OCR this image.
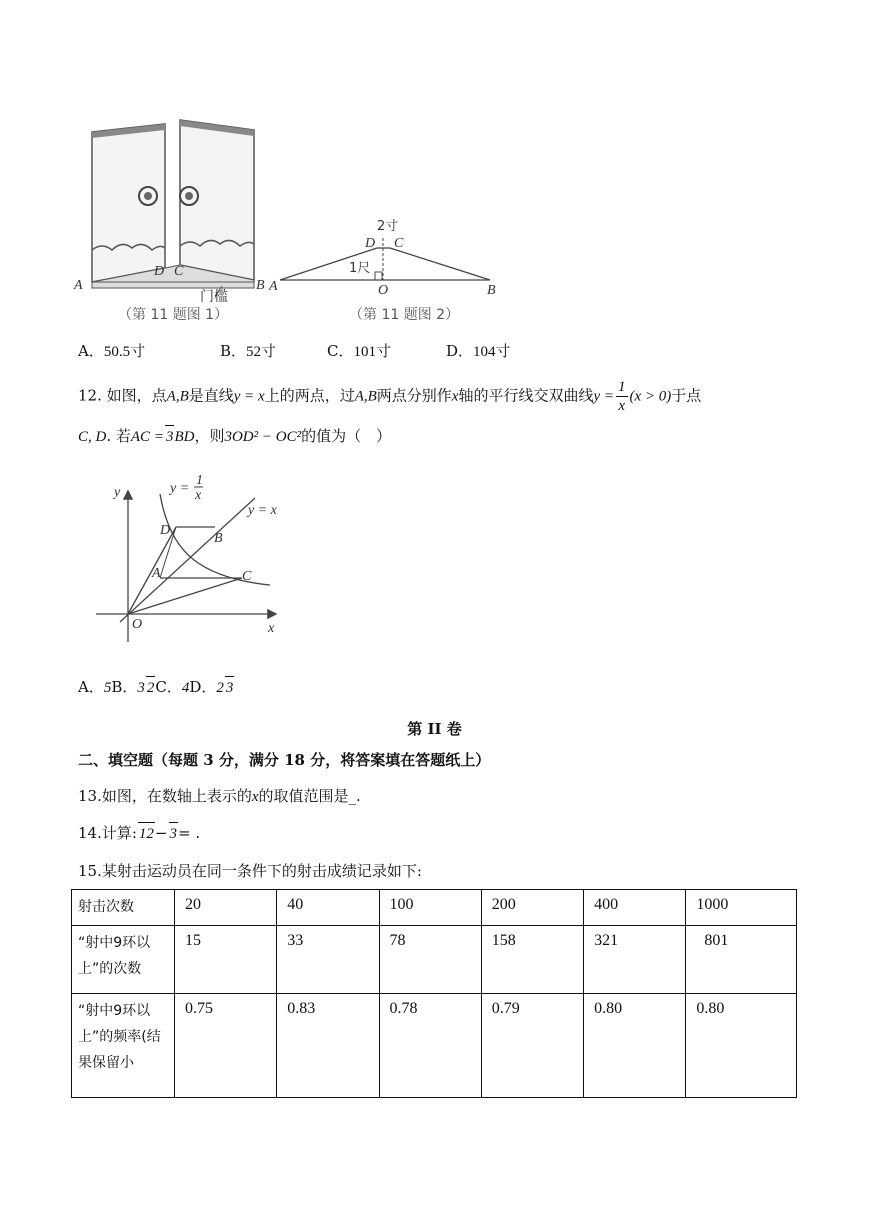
A
D C
B
门槛
（第 11 题图 1）
2寸
D C
1尺
A	O	B
（第 11 题图 2）
A．50.5寸	B．52寸	C．101寸	D．104寸
12. 如图，点A,B是直线y = x上的两点，过A,B两点分别作x轴的平行线交双曲线$y = \frac{1}{x} (x > 0)$于点
C, D. 若AC = 3BD，则3OD² − OC²的值为（　）
y	y =
1
x
y = x
D
B
A	C
O	x
A．5B．3 2C．4D．2 3
第 II 卷
二、填空题（每题 3 分，满分 18 分，将答案填在答题纸上）
13.如图，在数轴上表示的x的取值范围是_.
14.计算: 12− 3= .
15.某射击运动员在同一条件下的射击成绩记录如下:
射击次数	20	40	100	200	400	1000
“射中9环以上”的次数	15	33	78	158	321	801
“射中9环以上”的频率(结果保留小	0.75	0.83	0.78	0.79	0.80	0.80
